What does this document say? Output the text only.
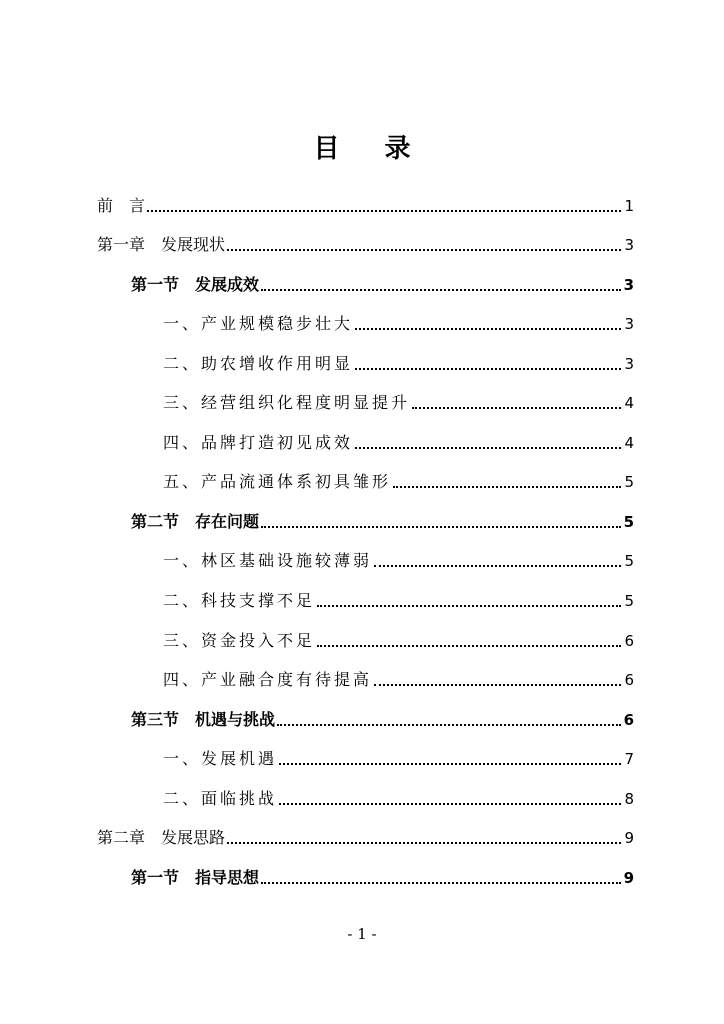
目 录
前　言	1
第一章　发展现状	3
第一节　发展成效	3
一、产业规模稳步壮大	3
二、助农增收作用明显	3
三、经营组织化程度明显提升	4
四、品牌打造初见成效	4
五、产品流通体系初具雏形	5
第二节　存在问题	5
一、林区基础设施较薄弱	5
二、科技支撑不足	5
三、资金投入不足	6
四、产业融合度有待提高	6
第三节　机遇与挑战	6
一、发展机遇	7
二、面临挑战	8
第二章　发展思路	9
第一节　指导思想	9
- 1 -
